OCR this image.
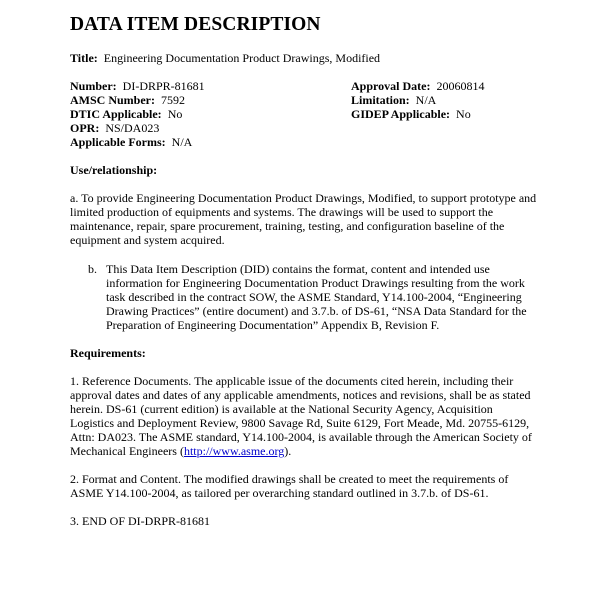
DATA ITEM DESCRIPTION
Title: Engineering Documentation Product Drawings, Modified
Number: DI-DRPR-81681
AMSC Number: 7592
DTIC Applicable: No
OPR: NS/DA023
Applicable Forms: N/A
Approval Date: 20060814
Limitation: N/A
GIDEP Applicable: No
Use/relationship:
a. To provide Engineering Documentation Product Drawings, Modified, to support prototype and
limited production of equipments and systems. The drawings will be used to support the
maintenance, repair, spare procurement, training, testing, and configuration baseline of the
equipment and system acquired.
b. This Data Item Description (DID) contains the format, content and intended use
information for Engineering Documentation Product Drawings resulting from the work
task described in the contract SOW, the ASME Standard, Y14.100-2004, “Engineering
Drawing Practices” (entire document) and 3.7.b. of DS-61, “NSA Data Standard for the
Preparation of Engineering Documentation” Appendix B, Revision F.
Requirements:
1. Reference Documents. The applicable issue of the documents cited herein, including their
approval dates and dates of any applicable amendments, notices and revisions, shall be as stated
herein. DS-61 (current edition) is available at the National Security Agency, Acquisition
Logistics and Deployment Review, 9800 Savage Rd, Suite 6129, Fort Meade, Md. 20755-6129,
Attn: DA023. The ASME standard, Y14.100-2004, is available through the American Society of
Mechanical Engineers (http://www.asme.org).
2. Format and Content. The modified drawings shall be created to meet the requirements of
ASME Y14.100-2004, as tailored per overarching standard outlined in 3.7.b. of DS-61.
3. END OF DI-DRPR-81681
